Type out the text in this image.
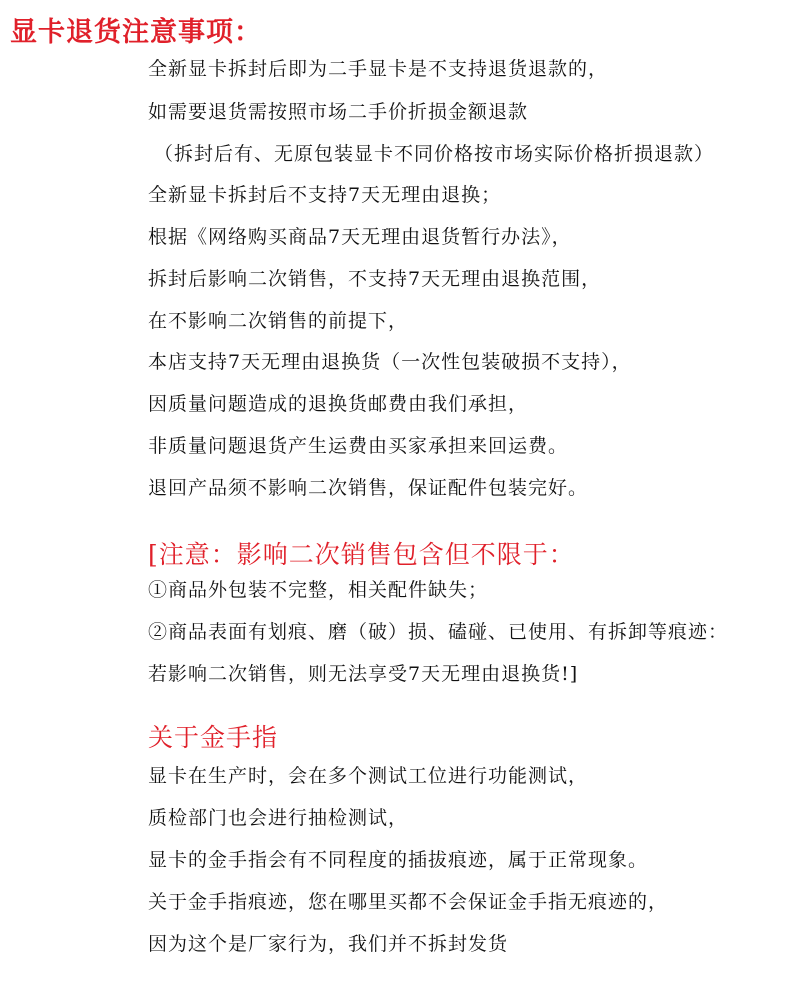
显卡退货注意事项：

全新显卡拆封后即为二手显卡是不支持退货退款的，

如需要退货需按照市场二手价折损金额退款

（拆封后有、无原包装显卡不同价格按市场实际价格折损退款）

全新显卡拆封后不支持7天无理由退换；

根据《网络购买商品7天无理由退货暂行办法》，

拆封后影响二次销售，不支持7天无理由退换范围，

在不影响二次销售的前提下，

本店支持7天无理由退换货（一次性包装破损不支持），

因质量问题造成的退换货邮费由我们承担，

非质量问题退货产生运费由买家承担来回运费。

退回产品须不影响二次销售，保证配件包装完好。

[注意：影响二次销售包含但不限于：

①商品外包装不完整，相关配件缺失；

②商品表面有划痕、磨（破）损、磕碰、已使用、有拆卸等痕迹：

若影响二次销售，则无法享受7天无理由退换货!]

关于金手指

显卡在生产时，会在多个测试工位进行功能测试，

质检部门也会进行抽检测试，

显卡的金手指会有不同程度的插拔痕迹，属于正常现象。

关于金手指痕迹，您在哪里买都不会保证金手指无痕迹的，

因为这个是厂家行为，我们并不拆封发货
